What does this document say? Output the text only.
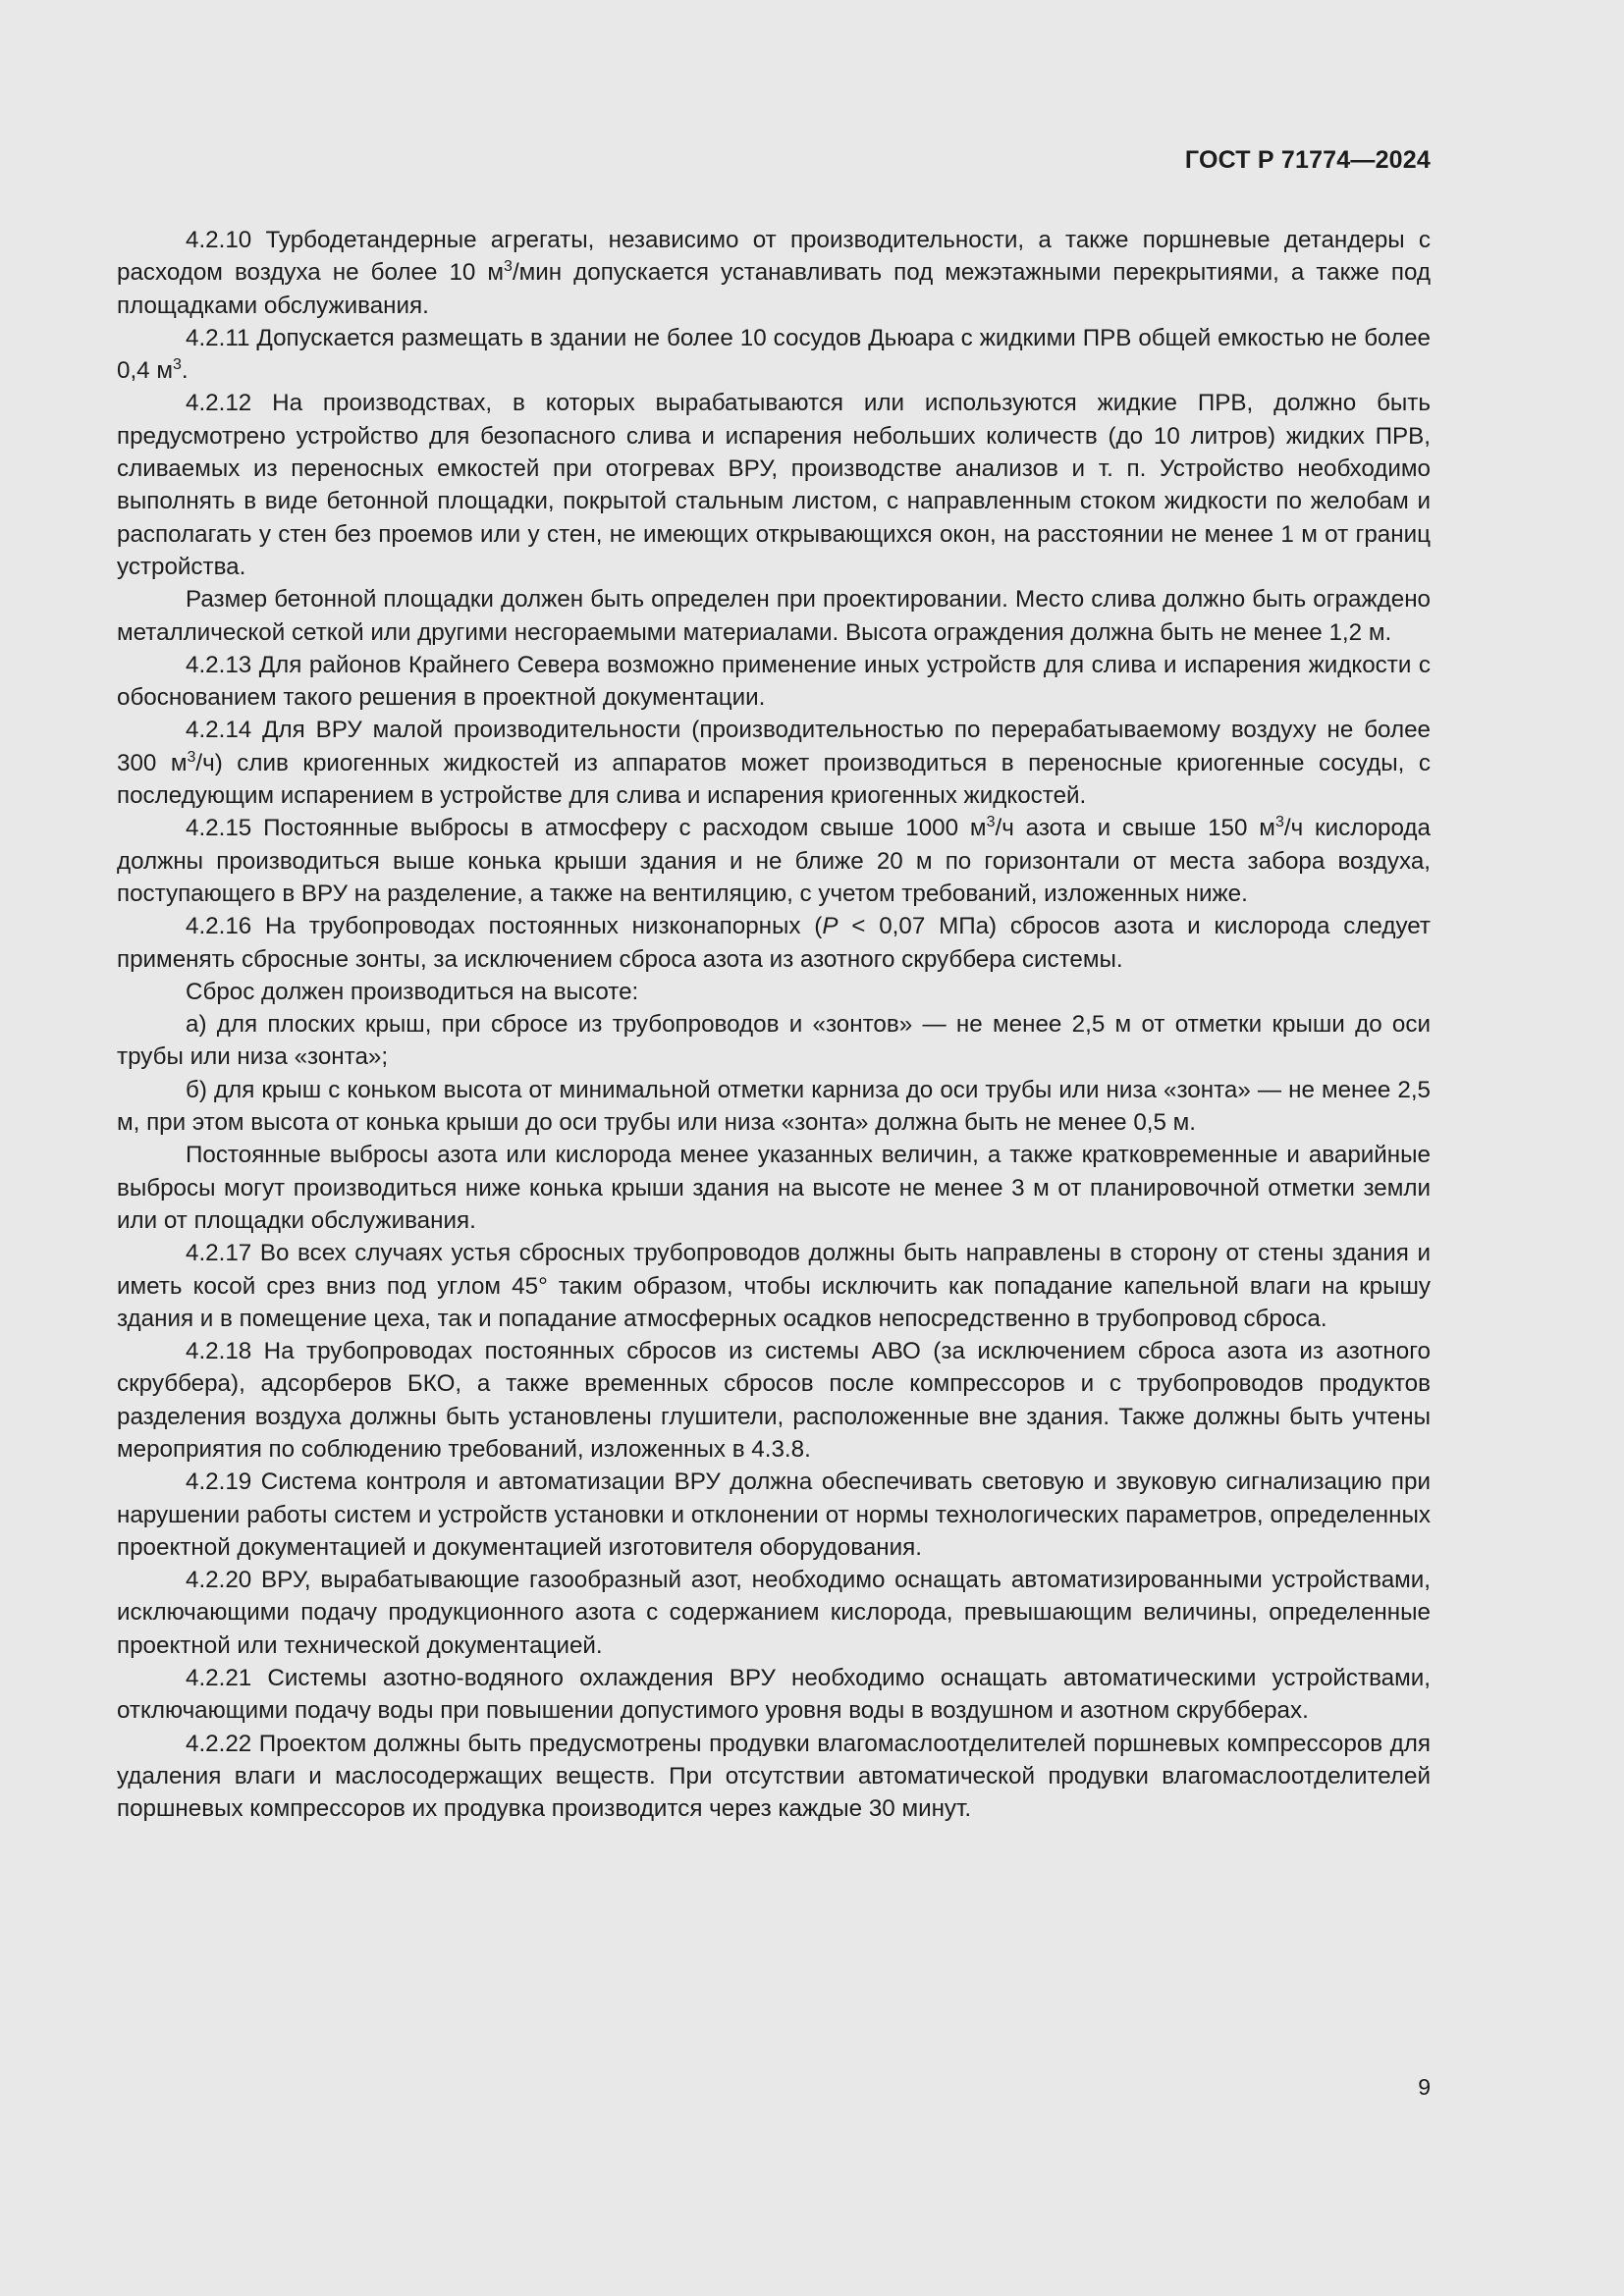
ГОСТ Р 71774—2024

4.2.10 Турбодетандерные агрегаты, независимо от производительности, а также поршневые детандеры с расходом воздуха не более 10 $м^3$/мин допускается устанавливать под межэтажными перекрытиями, а также под площадками обслуживания.

4.2.11 Допускается размещать в здании не более 10 сосудов Дьюара с жидкими ПРВ общей емкостью не более 0,4 $м^3$.

4.2.12 На производствах, в которых вырабатываются или используются жидкие ПРВ, должно быть предусмотрено устройство для безопасного слива и испарения небольших количеств (до 10 литров) жидких ПРВ, сливаемых из переносных емкостей при отогревах ВРУ, производстве анализов и т. п. Устройство необходимо выполнять в виде бетонной площадки, покрытой стальным листом, с направленным стоком жидкости по желобам и располагать у стен без проемов или у стен, не имеющих открывающихся окон, на расстоянии не менее 1 м от границ устройства.

Размер бетонной площадки должен быть определен при проектировании. Место слива должно быть ограждено металлической сеткой или другими несгораемыми материалами. Высота ограждения должна быть не менее 1,2 м.

4.2.13 Для районов Крайнего Севера возможно применение иных устройств для слива и испарения жидкости с обоснованием такого решения в проектной документации.

4.2.14 Для ВРУ малой производительности (производительностью по перерабатываемому воздуху не более 300 $м^3/ч$) слив криогенных жидкостей из аппаратов может производиться в переносные криогенные сосуды, с последующим испарением в устройстве для слива и испарения криогенных жидкостей.

4.2.15 Постоянные выбросы в атмосферу с расходом свыше 1000 $м^3/ч$ азота и свыше 150 $м^3/ч$ кислорода должны производиться выше конька крыши здания и не ближе 20 м по горизонтали от места забора воздуха, поступающего в ВРУ на разделение, а также на вентиляцию, с учетом требований, изложенных ниже.

4.2.16 На трубопроводах постоянных низконапорных (Р < 0,07 МПа) сбросов азота и кислорода следует применять сбросные зонты, за исключением сброса азота из азотного скруббера системы.

Сброс должен производиться на высоте:

а) для плоских крыш, при сбросе из трубопроводов и «зонтов» — не менее 2,5 м от отметки крыши до оси трубы или низа «зонта»;

б) для крыш с коньком высота от минимальной отметки карниза до оси трубы или низа «зонта» — не менее 2,5 м, при этом высота от конька крыши до оси трубы или низа «зонта» должна быть не менее 0,5 м.

Постоянные выбросы азота или кислорода менее указанных величин, а также кратковременные и аварийные выбросы могут производиться ниже конька крыши здания на высоте не менее 3 м от планировочной отметки земли или от площадки обслуживания.

4.2.17 Во всех случаях устья сбросных трубопроводов должны быть направлены в сторону от стены здания и иметь косой срез вниз под углом 45° таким образом, чтобы исключить как попадание капельной влаги на крышу здания и в помещение цеха, так и попадание атмосферных осадков непосредственно в трубопровод сброса.

4.2.18 На трубопроводах постоянных сбросов из системы АВО (за исключением сброса азота из азотного скруббера), адсорберов БКО, а также временных сбросов после компрессоров и с трубопроводов продуктов разделения воздуха должны быть установлены глушители, расположенные вне здания. Также должны быть учтены мероприятия по соблюдению требований, изложенных в 4.3.8.

4.2.19 Система контроля и автоматизации ВРУ должна обеспечивать световую и звуковую сигнализацию при нарушении работы систем и устройств установки и отклонении от нормы технологических параметров, определенных проектной документацией и документацией изготовителя оборудования.

4.2.20 ВРУ, вырабатывающие газообразный азот, необходимо оснащать автоматизированными устройствами, исключающими подачу продукционного азота с содержанием кислорода, превышающим величины, определенные проектной или технической документацией.

4.2.21 Системы азотно-водяного охлаждения ВРУ необходимо оснащать автоматическими устройствами, отключающими подачу воды при повышении допустимого уровня воды в воздушном и азотном скрубберах.

4.2.22 Проектом должны быть предусмотрены продувки влагомаслоотделителей поршневых компрессоров для удаления влаги и маслосодержащих веществ. При отсутствии автоматической продувки влагомаслоотделителей поршневых компрессоров их продувка производится через каждые 30 минут.

9
